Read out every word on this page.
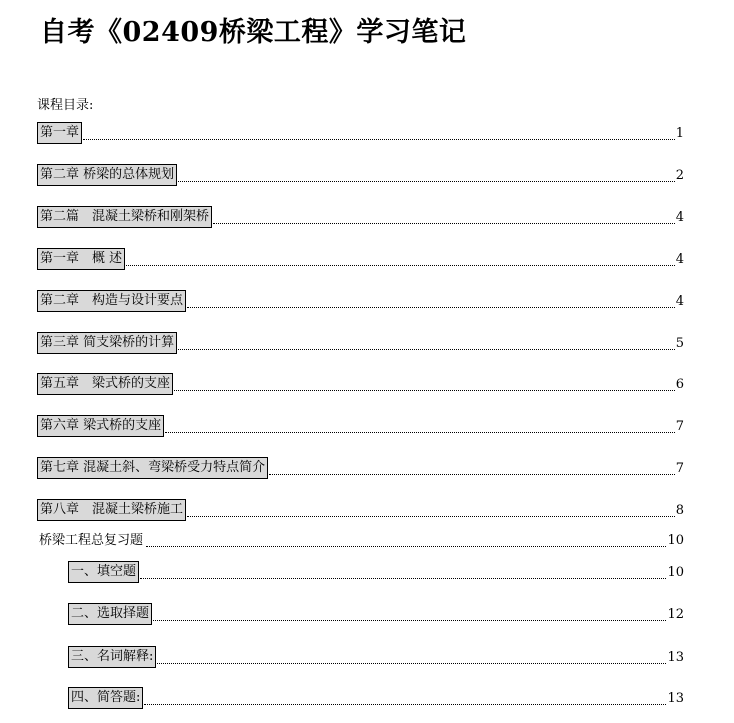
自考《02409桥梁工程》学习笔记
课程目录:
第一章	1
第二章 桥梁的总体规划	2
第二篇　混凝土梁桥和刚架桥	4
第一章　概 述	4
第二章　构造与设计要点	4
第三章 简支梁桥的计算	5
第五章　梁式桥的支座	6
第六章 梁式桥的支座	7
第七章 混凝土斜、弯梁桥受力特点简介	7
第八章　混凝土梁桥施工	8
桥梁工程总复习题	10
一、填空题	10
二、选取择题	12
三、名词解释:	13
四、简答题:	13
